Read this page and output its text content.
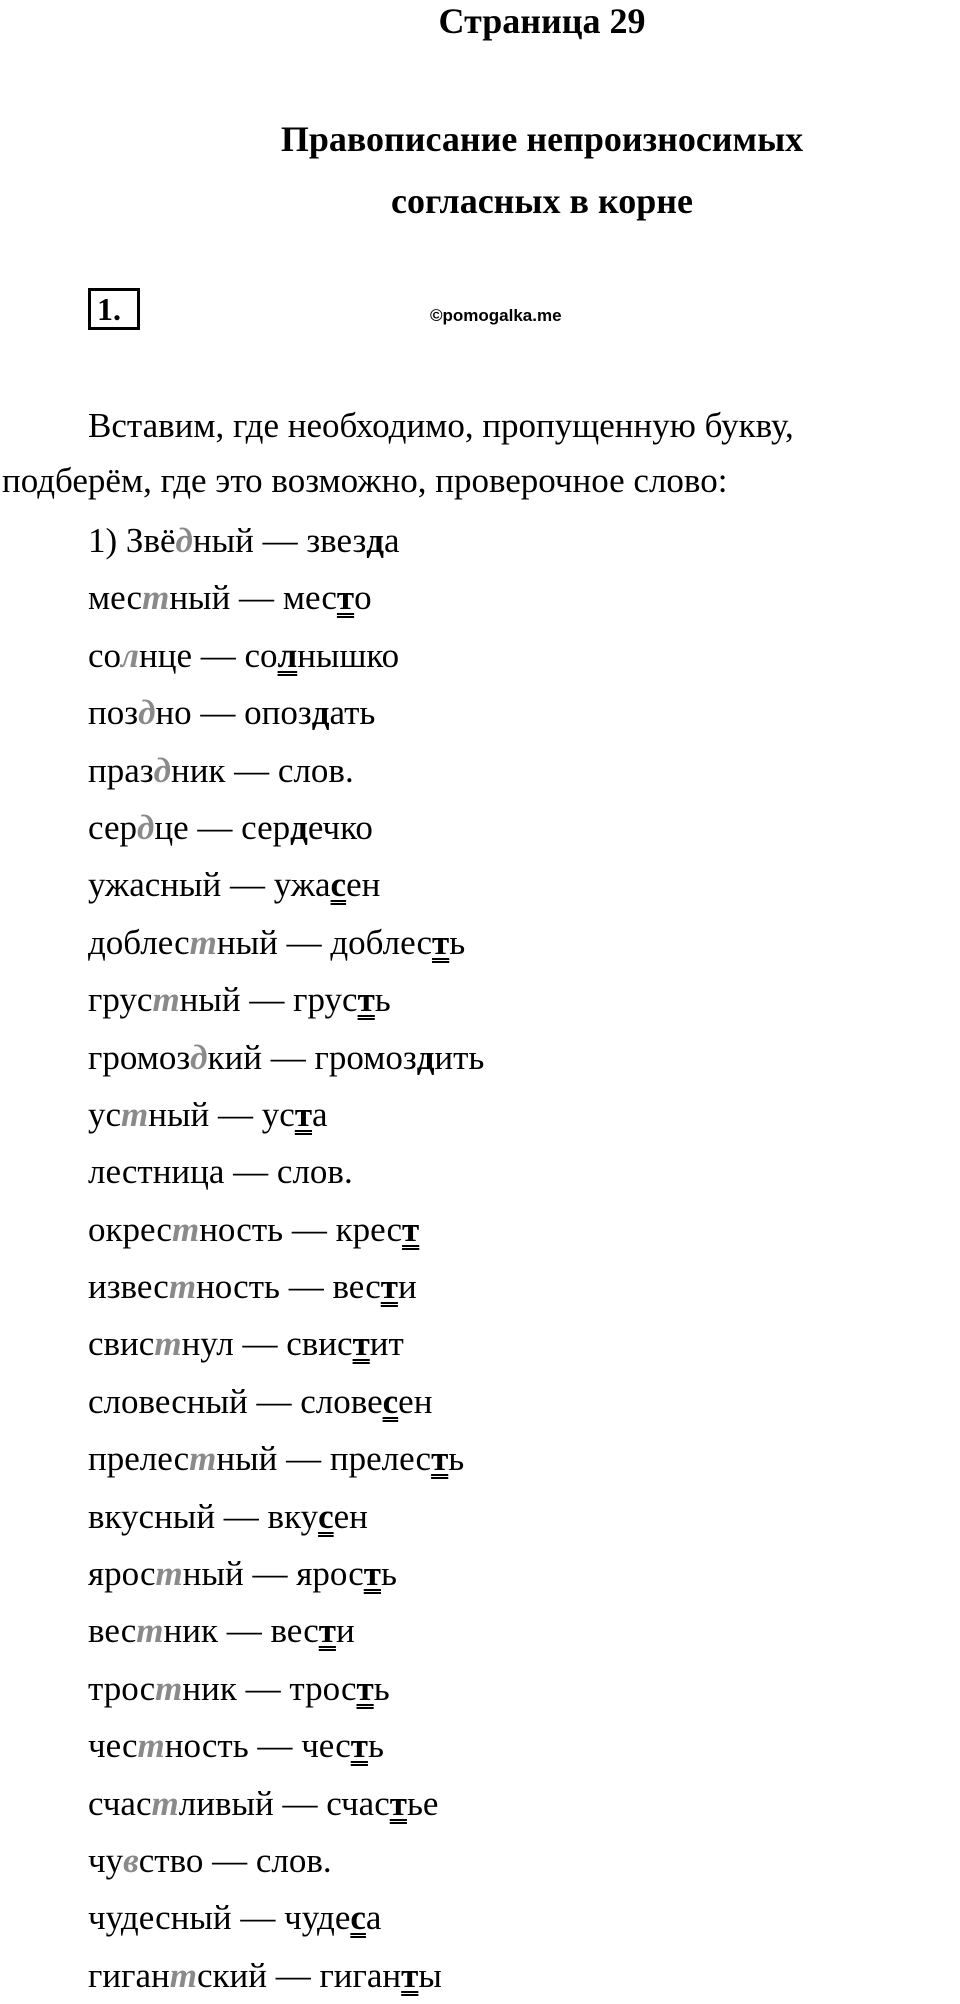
Страница 29
Правописание непроизносимых
согласных в корне
1.	©pomogalka.me
Вставим, где необходимо, пропущенную букву,
подберём, где это возможно, проверочное слово:
1) Звёдный — звезда
местный — место
солнце — солнышко
поздно — опоздать
праздник — слов.
сердце — сердечко
ужасный — ужасен
доблестный — доблесть
грустный — грусть
громоздкий — громоздить
устный — уста
лестница — слов.
окрестность — крест
известность — вести
свистнул — свистит
словесный — словесен
прелестный — прелесть
вкусный — вкусен
яростный — ярость
вестник — вести
тростник — трость
честность — честь
счастливый — счастье
чувство — слов.
чудесный — чудеса
гигантский — гиганты
